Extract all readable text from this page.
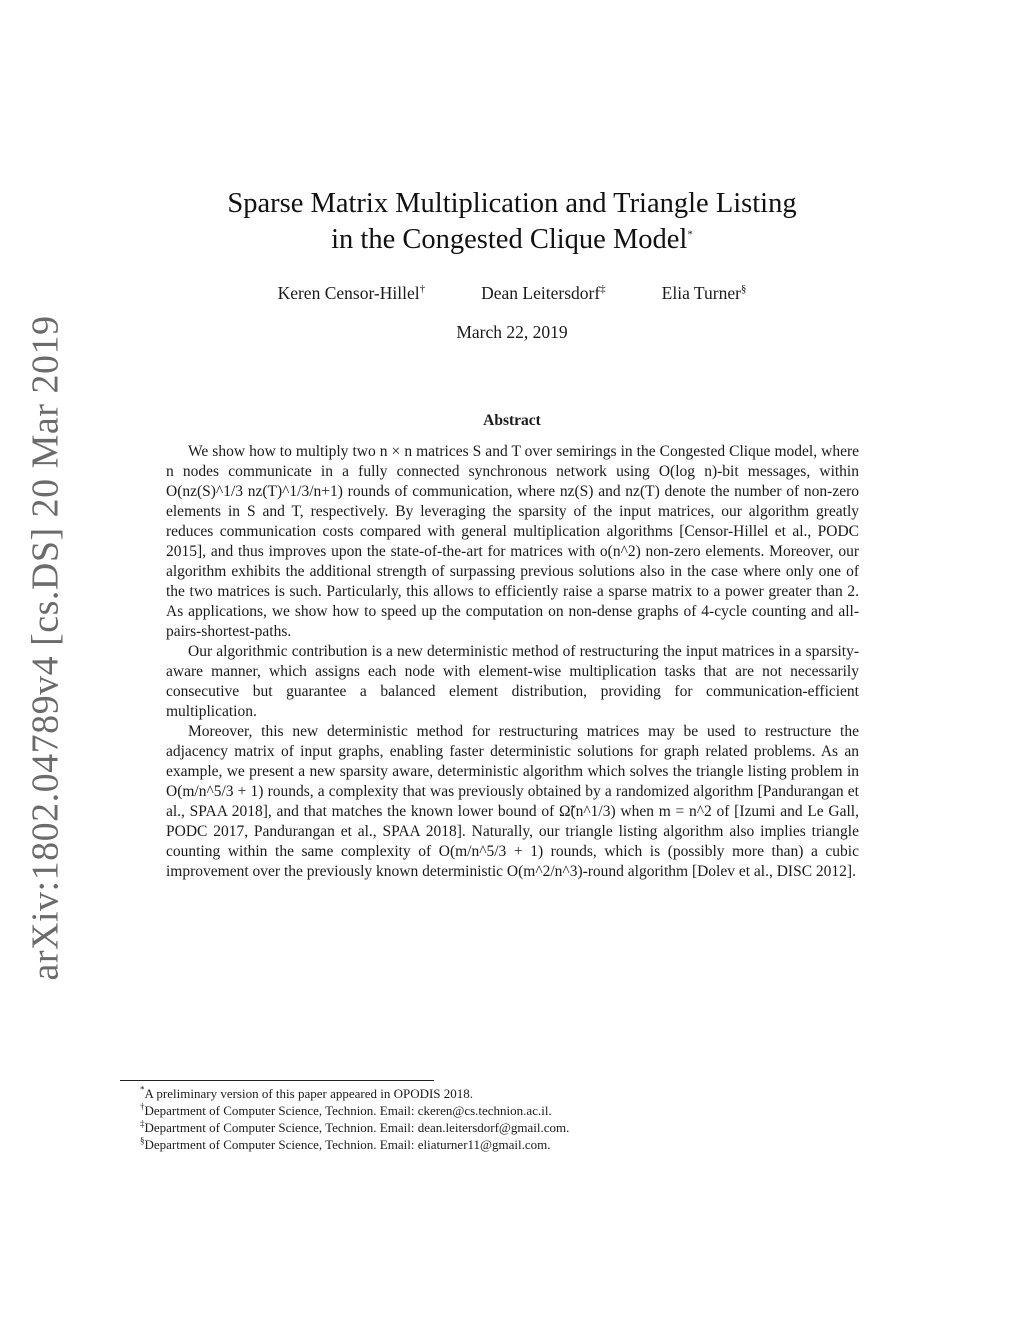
arXiv:1802.04789v4 [cs.DS] 20 Mar 2019
Sparse Matrix Multiplication and Triangle Listing
in the Congested Clique Model*
Keren Censor-Hillel†	Dean Leitersdorf‡	Elia Turner§
March 22, 2019
Abstract

We show how to multiply two n × n matrices S and T over semirings in the Congested Clique model, where n nodes communicate in a fully connected synchronous network using O(log n)-bit messages, within O(nz(S)^1/3 nz(T)^1/3/n+1) rounds of communication, where nz(S) and nz(T) denote the number of non-zero elements in S and T, respectively. By leveraging the sparsity of the input matrices, our algorithm greatly reduces communication costs compared with general multiplication algorithms [Censor-Hillel et al., PODC 2015], and thus improves upon the state-of-the-art for matrices with o(n^2) non-zero elements. Moreover, our algorithm exhibits the additional strength of surpassing previous solutions also in the case where only one of the two matrices is such. Particularly, this allows to efficiently raise a sparse matrix to a power greater than 2. As applications, we show how to speed up the computation on non-dense graphs of 4-cycle counting and all-pairs-shortest-paths.

Our algorithmic contribution is a new deterministic method of restructuring the input matrices in a sparsity-aware manner, which assigns each node with element-wise multiplication tasks that are not necessarily consecutive but guarantee a balanced element distribution, providing for communication-efficient multiplication.

Moreover, this new deterministic method for restructuring matrices may be used to restructure the adjacency matrix of input graphs, enabling faster deterministic solutions for graph related problems. As an example, we present a new sparsity aware, deterministic algorithm which solves the triangle listing problem in O(m/n^5/3 + 1) rounds, a complexity that was previously obtained by a randomized algorithm [Pandurangan et al., SPAA 2018], and that matches the known lower bound of Ω̃(n^1/3) when m = n^2 of [Izumi and Le Gall, PODC 2017, Pandurangan et al., SPAA 2018]. Naturally, our triangle listing algorithm also implies triangle counting within the same complexity of O(m/n^5/3 + 1) rounds, which is (possibly more than) a cubic improvement over the previously known deterministic O(m^2/n^3)-round algorithm [Dolev et al., DISC 2012].

*A preliminary version of this paper appeared in OPODIS 2018.
†Department of Computer Science, Technion. Email: ckeren@cs.technion.ac.il.
‡Department of Computer Science, Technion. Email: dean.leitersdorf@gmail.com.
§Department of Computer Science, Technion. Email: eliaturner11@gmail.com.
